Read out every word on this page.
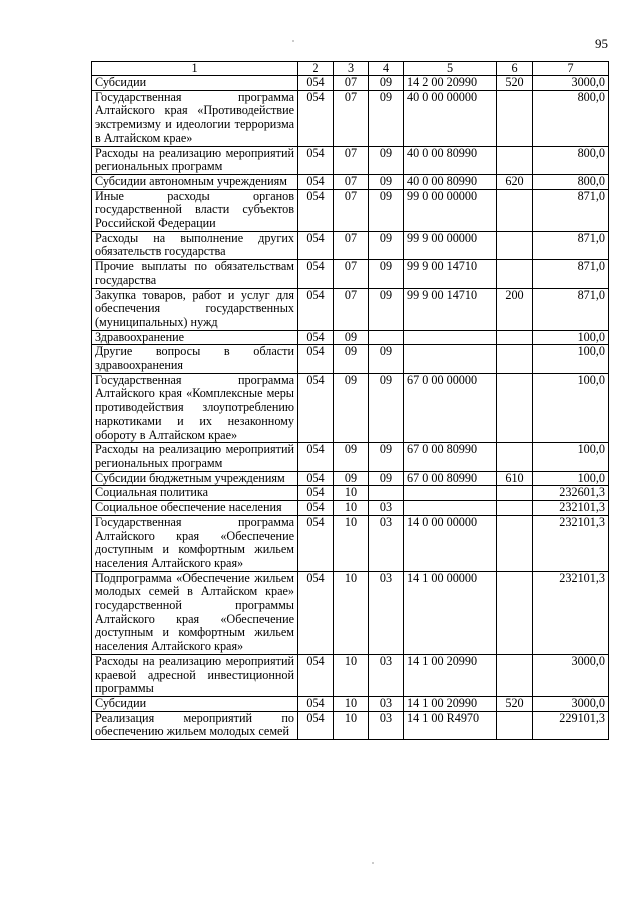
95
1	2	3	4	5	6	7
Субсидии	054	07	09	14 2 00 20990	520	3000,0
Государственная программа Алтайского края «Противодействие экстремизму и идеологии терроризма в Алтайском крае»	054	07	09	40 0 00 00000		800,0
Расходы на реализацию мероприятий региональных программ	054	07	09	40 0 00 80990		800,0
Субсидии автономным учреждениям	054	07	09	40 0 00 80990	620	800,0
Иные расходы органов государственной власти субъектов Российской Федерации	054	07	09	99 0 00 00000		871,0
Расходы на выполнение других обязательств государства	054	07	09	99 9 00 00000		871,0
Прочие выплаты по обязательствам государства	054	07	09	99 9 00 14710		871,0
Закупка товаров, работ и услуг для обеспечения государственных (муниципальных) нужд	054	07	09	99 9 00 14710	200	871,0
Здравоохранение	054	09				100,0
Другие вопросы в области здравоохранения	054	09	09			100,0
Государственная программа Алтайского края «Комплексные меры противодействия злоупотреблению наркотиками и их незаконному обороту в Алтайском крае»	054	09	09	67 0 00 00000		100,0
Расходы на реализацию мероприятий региональных программ	054	09	09	67 0 00 80990		100,0
Субсидии бюджетным учреждениям	054	09	09	67 0 00 80990	610	100,0
Социальная политика	054	10				232601,3
Социальное обеспечение населения	054	10	03			232101,3
Государственная программа Алтайского края «Обеспечение доступным и комфортным жильем населения Алтайского края»	054	10	03	14 0 00 00000		232101,3
Подпрограмма «Обеспечение жильем молодых семей в Алтайском крае» государственной программы Алтайского края «Обеспечение доступным и комфортным жильем населения Алтайского края»	054	10	03	14 1 00 00000		232101,3
Расходы на реализацию мероприятий краевой адресной инвестиционной программы	054	10	03	14 1 00 20990		3000,0
Субсидии	054	10	03	14 1 00 20990	520	3000,0
Реализация мероприятий по обеспечению жильем молодых семей	054	10	03	14 1 00 R4970		229101,3
